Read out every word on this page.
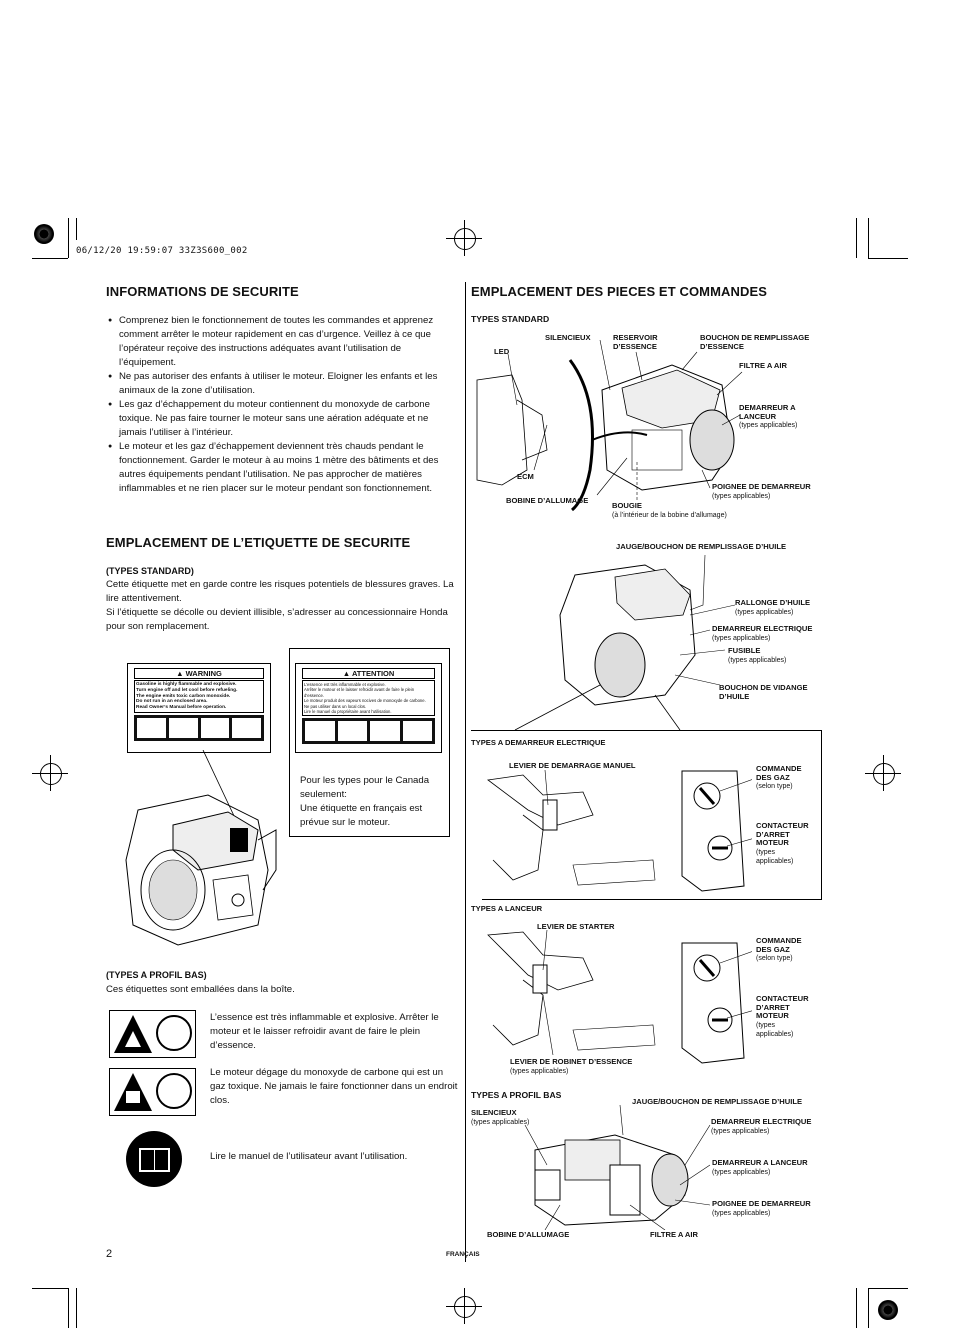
06/12/20 19:59:07 33Z3S600_002
INFORMATIONS DE SECURITE
● Comprenez bien le fonctionnement de toutes les commandes et apprenez comment arrêter le moteur rapidement en cas d’urgence. Veillez à ce que l’opérateur reçoive des instructions adéquates avant l’utilisation de l’équipement.
● Ne pas autoriser des enfants à utiliser le moteur. Eloigner les enfants et les animaux de la zone d’utilisation.
● Les gaz d’échappement du moteur contiennent du monoxyde de carbone toxique. Ne pas faire tourner le moteur sans une aération adéquate et ne jamais l’utiliser à l’intérieur.
● Le moteur et les gaz d’échappement deviennent très chauds pendant le fonctionnement. Garder le moteur à au moins 1 mètre des bâtiments et des autres équipements pendant l’utilisation. Ne pas approcher de matières inflammables et ne rien placer sur le moteur pendant son fonctionnement.
EMPLACEMENT DE L’ETIQUETTE DE SECURITE
(TYPES STANDARD)
Cette étiquette met en garde contre les risques potentiels de blessures graves. La lire attentivement.
Si l’étiquette se décolle ou devient illisible, s’adresser au concessionnaire Honda pour son remplacement.
▲ WARNING
Gasoline is highly flammable and explosive.
Turn engine off and let cool before refueling.
The engine emits toxic carbon monoxide.
Do not run in an enclosed area.
Read Owner’s Manual before operation.
▲ ATTENTION
L’essence est très inflammable et explosive.
Arrêter le moteur et le laisser refroidir avant de faire le plein d’essence.
Le moteur produit des vapeurs nocives de monoxyde de carbone.
Ne pas utiliser dans un local clos.
Lire le manuel du propriétaire avant l’utilisation.
Pour les types pour le Canada seulement:
Une étiquette en français est prévue sur le moteur.
(TYPES A PROFIL BAS)
Ces étiquettes sont emballées dans la boîte.
L’essence est très inflammable et explosive. Arrêter le moteur et le laisser refroidir avant de faire le plein d’essence.
Le moteur dégage du monoxyde de carbone qui est un gaz toxique. Ne jamais le faire fonctionner dans un endroit clos.
Lire le manuel de l’utilisateur avant l’utilisation.
2
EMPLACEMENT DES PIECES ET COMMANDES
TYPES STANDARD
SILENCIEUX	RESERVOIR
D’ESSENCE
BOUCHON DE REMPLISSAGE
D’ESSENCE
LED
FILTRE A AIR
DEMARREUR A
LANCEUR
(types applicables)
ECM
POIGNEE DE DEMARREUR
(types applicables)
BOBINE D’ALLUMAGE
BOUGIE
(à l’intérieur de la bobine d’allumage)
JAUGE/BOUCHON DE REMPLISSAGE D’HUILE
RALLONGE D’HUILE
(types applicables)
DEMARREUR ELECTRIQUE
(types applicables)
FUSIBLE
(types applicables)
BOUCHON DE VIDANGE
D’HUILE
TYPES A DEMARREUR ELECTRIQUE
LEVIER DE DEMARRAGE MANUEL	COMMANDE
DES GAZ
(selon type)
CONTACTEUR
D’ARRET
MOTEUR
(types
applicables)
TYPES A LANCEUR
LEVIER DE STARTER
COMMANDE
DES GAZ
(selon type)
CONTACTEUR
D’ARRET
MOTEUR
(types
applicables)
LEVIER DE ROBINET D’ESSENCE
(types applicables)
TYPES A PROFIL BAS
JAUGE/BOUCHON DE REMPLISSAGE D’HUILE
SILENCIEUX
(types applicables)	DEMARREUR ELECTRIQUE
(types applicables)
DEMARREUR A LANCEUR
(types applicables)
POIGNEE DE DEMARREUR
(types applicables)
BOBINE D’ALLUMAGE	FILTRE A AIR
FRANÇAIS
